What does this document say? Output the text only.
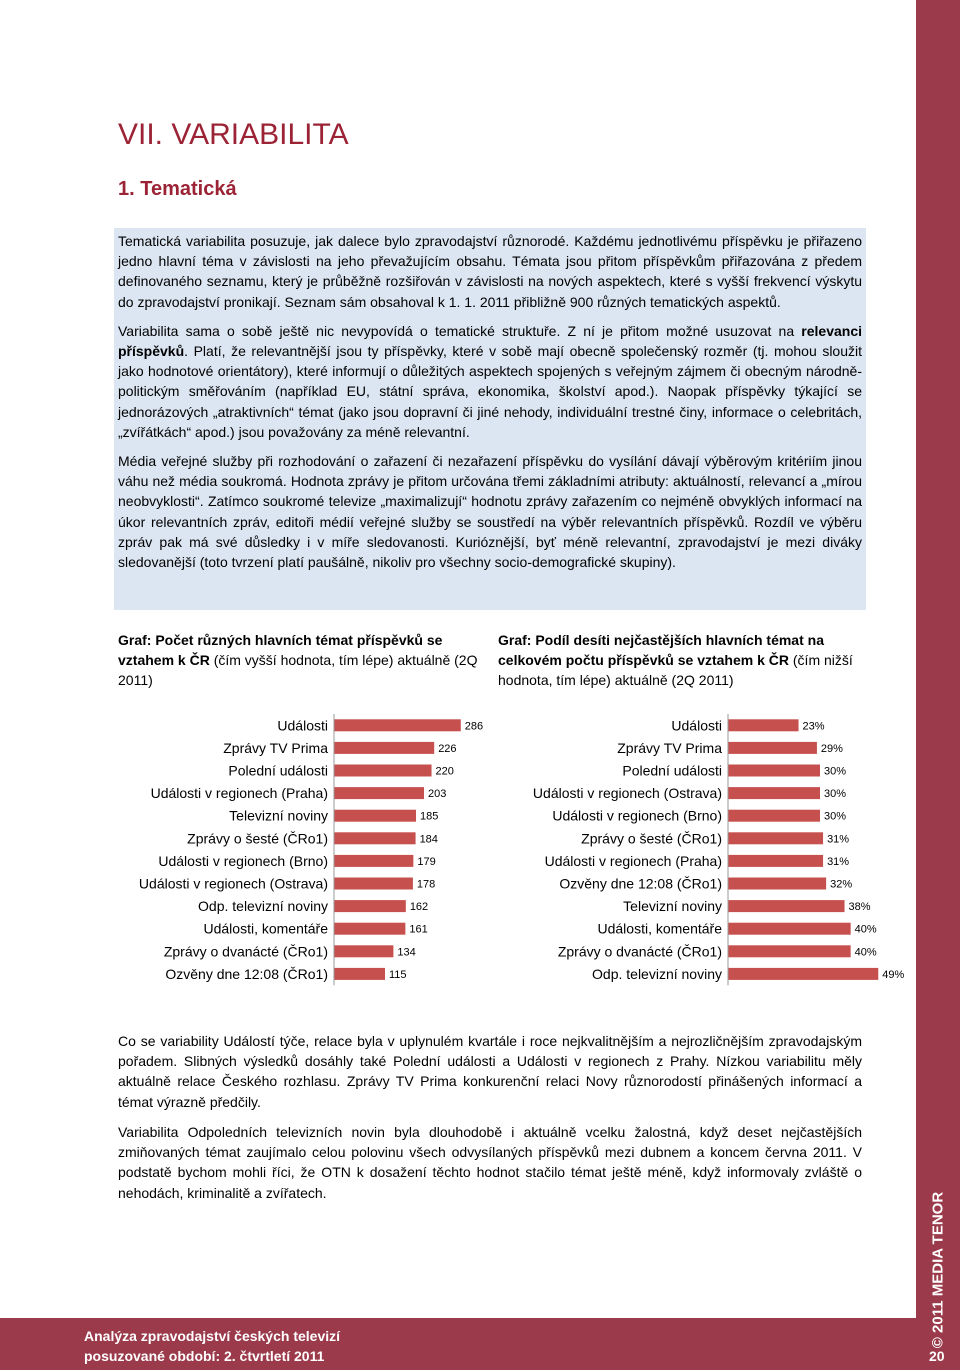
© 2011 MEDIA TENOR
VII. VARIABILITA
1. Tematická

Tematická variabilita posuzuje, jak dalece bylo zpravodajství různorodé. Každému jednotlivému příspěvku je přiřazeno jedno hlavní téma v závislosti na jeho převažujícím obsahu. Témata jsou přitom příspěvkům přiřazována z předem definovaného seznamu, který je průběžně rozšiřován v závislosti na nových aspektech, které s vyšší frekvencí výskytu do zpravodajství pronikají. Seznam sám obsahoval k 1. 1. 2011 přibližně 900 různých tematických aspektů.

Variabilita sama o sobě ještě nic nevypovídá o tematické struktuře. Z ní je přitom možné usuzovat na relevanci příspěvků. Platí, že relevantnější jsou ty příspěvky, které v sobě mají obecně společenský rozměr (tj. mohou sloužit jako hodnotové orientátory), které informují o důležitých aspektech spojených s veřejným zájmem či obecným národně-politickým směřováním (například EU, státní správa, ekonomika, školství apod.). Naopak příspěvky týkající se jednorázových „atraktivních“ témat (jako jsou dopravní či jiné nehody, individuální trestné činy, informace o celebritách, „zvířátkách“ apod.) jsou považovány za méně relevantní.

Média veřejné služby při rozhodování o zařazení či nezařazení příspěvku do vysílání dávají výběrovým kritériím jinou váhu než média soukromá. Hodnota zprávy je přitom určována třemi základními atributy: aktuálností, relevancí a „mírou neobvyklosti“. Zatímco soukromé televize „maximalizují“ hodnotu zprávy zařazením co nejméně obvyklých informací na úkor relevantních zpráv, editoři médií veřejné služby se soustředí na výběr relevantních příspěvků. Rozdíl ve výběru zpráv pak má své důsledky i v míře sledovanosti. Kurióznější, byť méně relevantní, zpravodajství je mezi diváky sledovanější (toto tvrzení platí paušálně, nikoliv pro všechny socio-demografické skupiny).

Graf: Počet různých hlavních témat příspěvků se vztahem k ČR (čím vyšší hodnota, tím lépe) aktuálně (2Q 2011)
Graf: Podíl desíti nejčastějších hlavních témat na celkovém počtu příspěvků se vztahem k ČR (čím nižší hodnota, tím lépe) aktuálně (2Q 2011)
Události	286
Zprávy TV Prima	226
Polední události	220
Události v regionech (Praha)	203
Televizní noviny	185
Zprávy o šesté (ČRo1)	184
Události v regionech (Brno)	179
Události v regionech (Ostrava)	178
Odp. televizní noviny	162
Události, komentáře	161
Zprávy o dvanácté (ČRo1)	134
Ozvěny dne 12:08 (ČRo1)	115
Události	23%
Zprávy TV Prima	29%
Polední události	30%
Události v regionech (Ostrava)	30%
Události v regionech (Brno)	30%
Zprávy o šesté (ČRo1)	31%
Události v regionech (Praha)	31%
Ozvěny dne 12:08 (ČRo1)	32%
Televizní noviny	38%
Události, komentáře	40%
Zprávy o dvanácté (ČRo1)	40%
Odp. televizní noviny	49%

Co se variability Událostí týče, relace byla v uplynulém kvartále i roce nejkvalitnějším a nejrozličnějším zpravodajským pořadem. Slibných výsledků dosáhly také Polední události a Události v regionech z Prahy. Nízkou variabilitu měly aktuálně relace Českého rozhlasu. Zprávy TV Prima konkurenční relaci Novy různorodostí přinášených informací a témat výrazně předčily.

Variabilita Odpoledních televizních novin byla dlouhodobě i aktuálně vcelku žalostná, když deset nejčastějších zmiňovaných témat zaujímalo celou polovinu všech odvysílaných příspěvků mezi dubnem a koncem června 2011. V podstatě bychom mohli říci, že OTN k dosažení těchto hodnot stačilo témat ještě méně, když informovaly zvláště o nehodách, kriminalitě a zvířatech.

Analýza zpravodajství českých televizí
posuzované období: 2. čtvrtletí 2011	20
